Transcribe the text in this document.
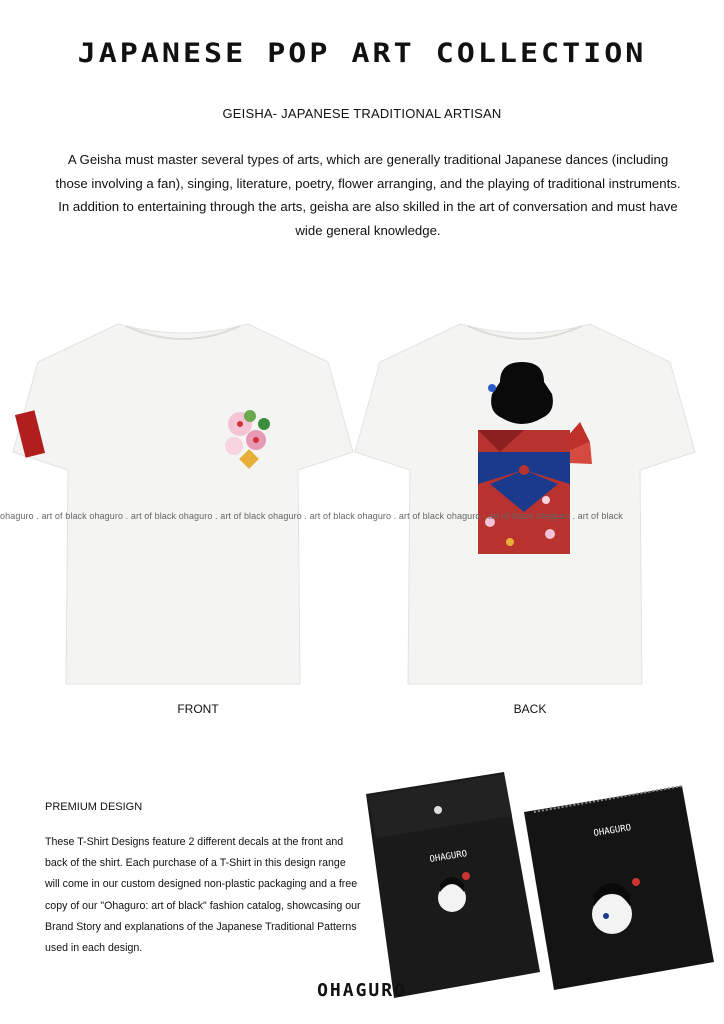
JAPANESE POP ART COLLECTION
GEISHA- JAPANESE TRADITIONAL ARTISAN
A Geisha must master several types of arts, which are generally traditional Japanese dances (including those involving a fan), singing, literature, poetry, flower arranging, and the playing of traditional instruments. In addition to entertaining through the arts, geisha are also skilled in the art of conversation and must have wide general knowledge.
ohaguro . art of black ohaguro . art of black ohaguro . art of black ohaguro . art of black ohaguro . art of black ohaguro . art of black ohaguro . art of black
FRONT	BACK
PREMIUM DESIGN
These T-Shirt Designs feature 2 different decals at the front and back of the shirt. Each purchase of a T-Shirt in this design range will come in our custom designed non-plastic packaging and a free copy of our "Ohaguro: art of black" fashion catalog, showcasing our Brand Story and explanations of the Japanese Traditional Patterns used in each design.
OHAGURO
OHAGURO
OHAGURO
